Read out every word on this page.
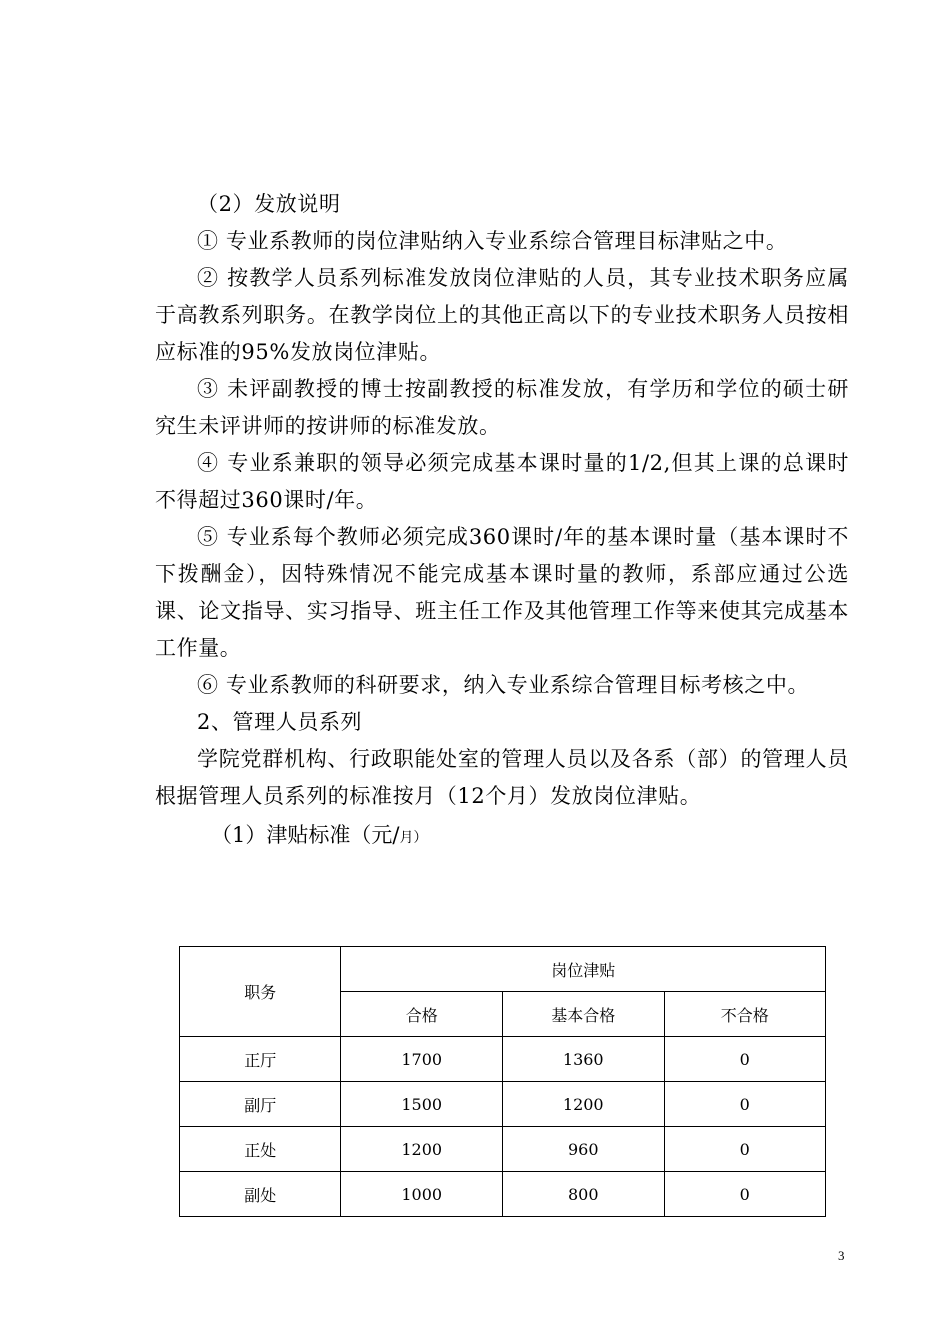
（2）发放说明

① 专业系教师的岗位津贴纳入专业系综合管理目标津贴之中。

② 按教学人员系列标准发放岗位津贴的人员，其专业技术职务应属于高教系列职务。在教学岗位上的其他正高以下的专业技术职务人员按相应标准的95%发放岗位津贴。

③ 未评副教授的博士按副教授的标准发放，有学历和学位的硕士研究生未评讲师的按讲师的标准发放。

④ 专业系兼职的领导必须完成基本课时量的1/2,但其上课的总课时不得超过360课时/年。

⑤ 专业系每个教师必须完成360课时/年的基本课时量（基本课时不下拨酬金），因特殊情况不能完成基本课时量的教师，系部应通过公选课、论文指导、实习指导、班主任工作及其他管理工作等来使其完成基本工作量。

⑥ 专业系教师的科研要求，纳入专业系综合管理目标考核之中。

2、管理人员系列

学院党群机构、行政职能处室的管理人员以及各系（部）的管理人员根据管理人员系列的标准按月（12个月）发放岗位津贴。

（1）津贴标准（元/月）

职务	岗位津贴		
	合格	基本合格	不合格
正厅	1700	1360	0
副厅	1500	1200	0
正处	1200	960	0
副处	1000	800	0
3
